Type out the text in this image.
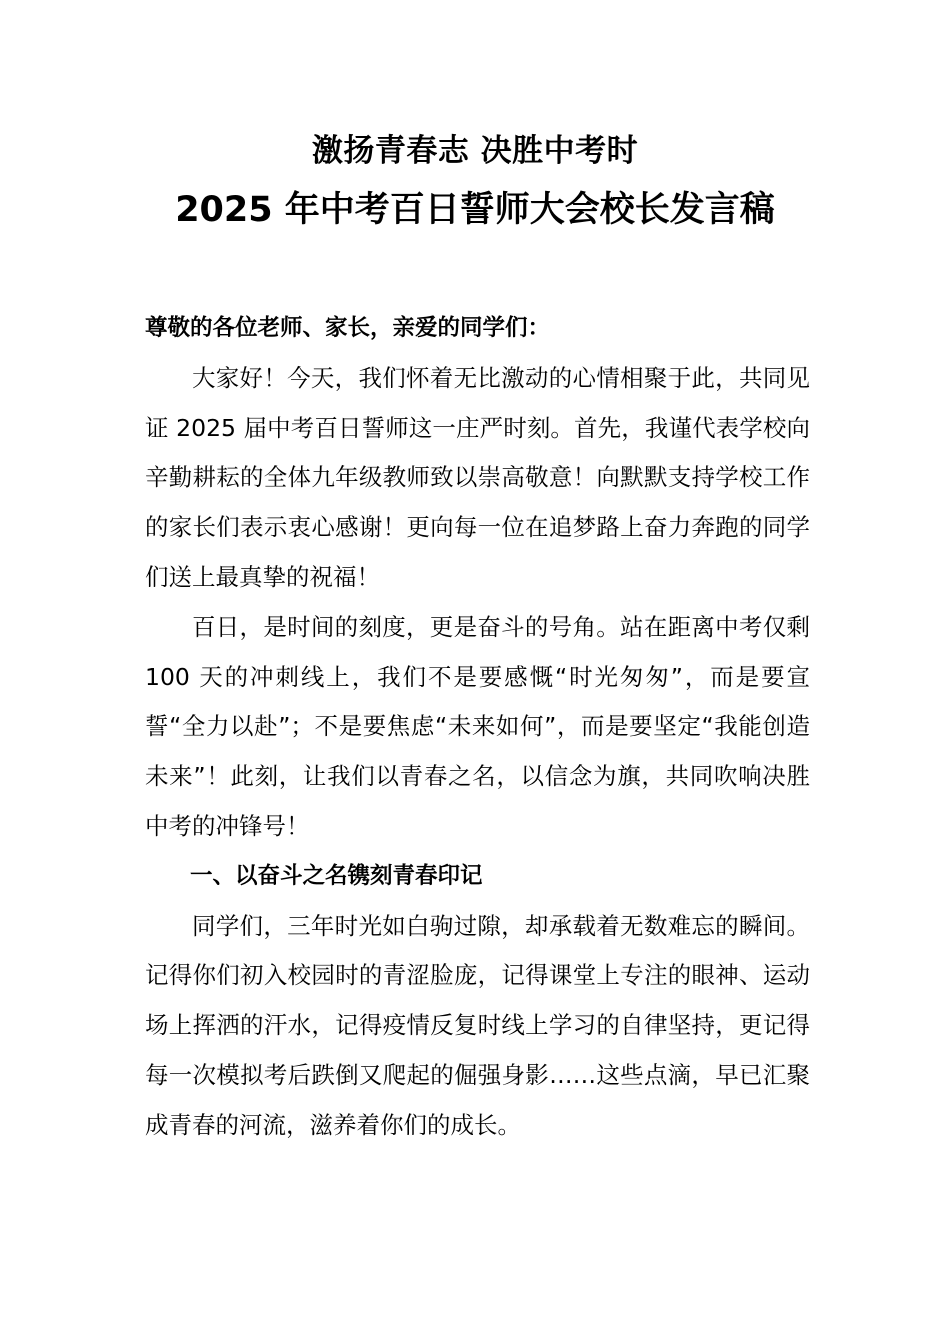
激扬青春志 决胜中考时
2025 年中考百日誓师大会校长发言稿

尊敬的各位老师、家长，亲爱的同学们：

大家好！今天，我们怀着无比激动的心情相聚于此，共同见证 2025 届中考百日誓师这一庄严时刻。首先，我谨代表学校向辛勤耕耘的全体九年级教师致以崇高敬意！向默默支持学校工作的家长们表示衷心感谢！更向每一位在追梦路上奋力奔跑的同学们送上最真挚的祝福！

百日，是时间的刻度，更是奋斗的号角。站在距离中考仅剩 100 天的冲刺线上，我们不是要感慨“时光匆匆”，而是要宣誓“全力以赴”；不是要焦虑“未来如何”，而是要坚定“我能创造未来”！此刻，让我们以青春之名，以信念为旗，共同吹响决胜中考的冲锋号！

一、以奋斗之名镌刻青春印记

同学们，三年时光如白驹过隙，却承载着无数难忘的瞬间。记得你们初入校园时的青涩脸庞，记得课堂上专注的眼神、运动场上挥洒的汗水，记得疫情反复时线上学习的自律坚持，更记得每一次模拟考后跌倒又爬起的倔强身影……这些点滴，早已汇聚成青春的河流，滋养着你们的成长。
